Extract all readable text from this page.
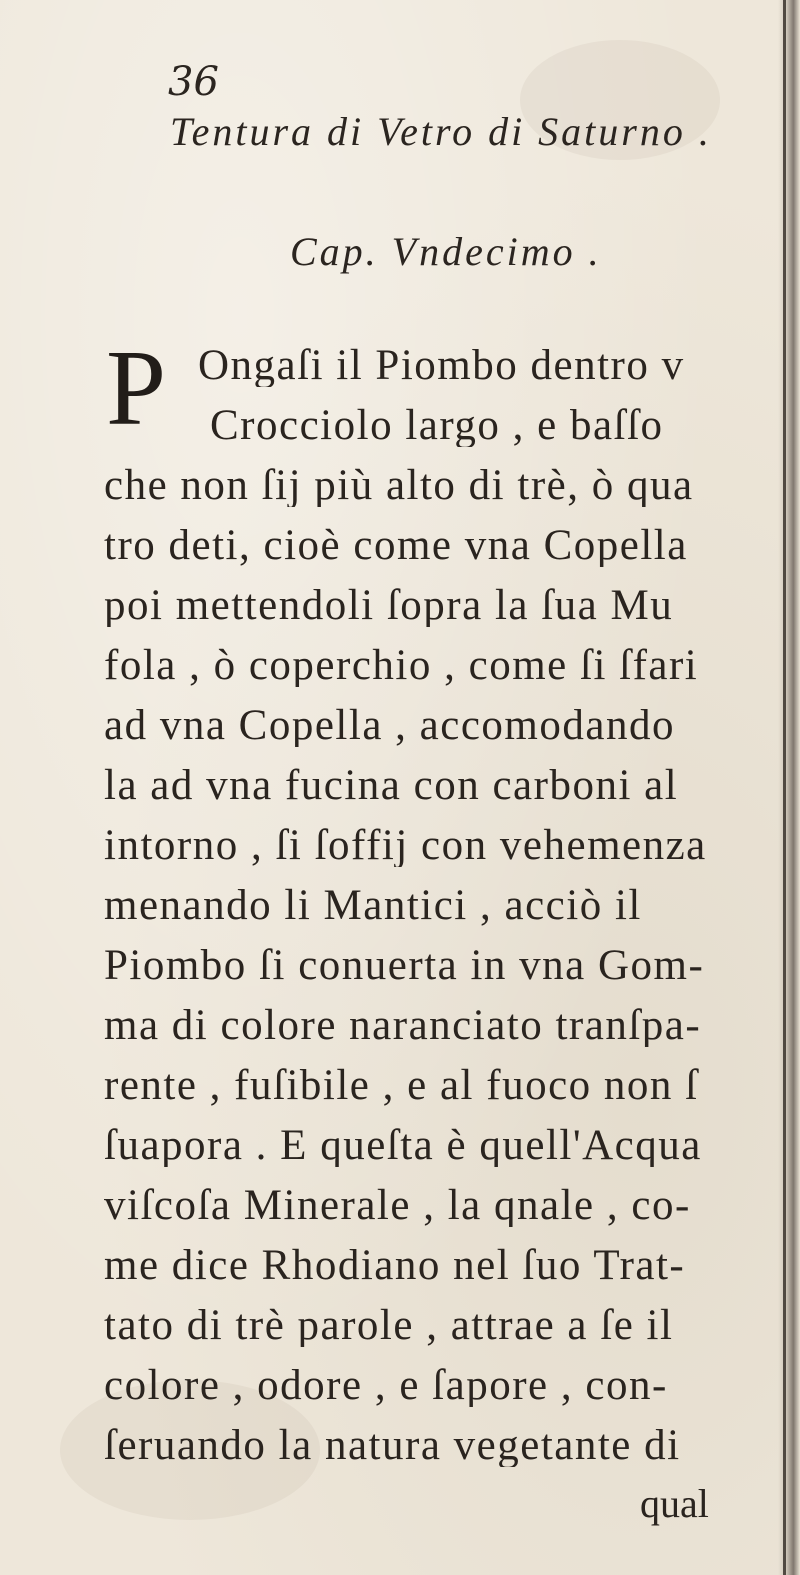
36
Tentura di Vetro di Saturno .
Cap. Vndecimo .
P Ongaſi il Piombo dentro v
Crocciolo largo , e baſſo
che non ſij più alto di trè, ò qua
tro deti, cioè come vna Copella
poi mettendoli ſopra la ſua Mu
fola , ò coperchio , come ſi ſfari
ad vna Copella , accomodando
la ad vna fucina con carboni al
intorno , ſi ſoffij con vehemenza
menando li Mantici , acciò il
Piombo ſi conuerta in vna Gom-
ma di colore naranciato tranſpa-
rente , fuſibile , e al fuoco non ſ
ſuapora . E queſta è quell'Acqua
viſcoſa Minerale , la qnale , co-
me dice Rhodiano nel ſuo Trat-
tato di trè parole , attrae a ſe il
colore , odore , e ſapore , con-
ſeruando la natura vegetante di
qual
